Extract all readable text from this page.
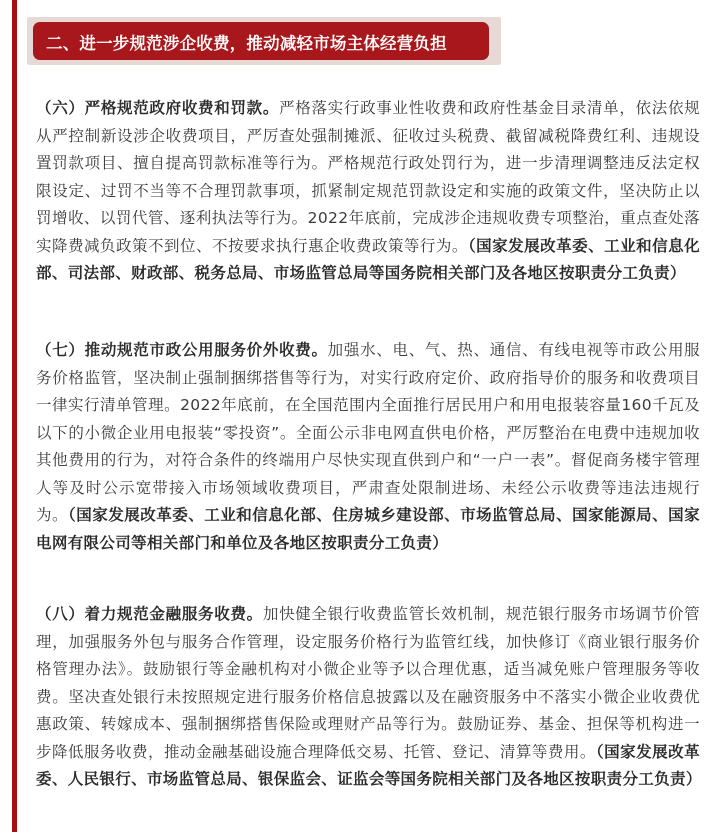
二、进一步规范涉企收费，推动减轻市场主体经营负担

（六）严格规范政府收费和罚款。严格落实行政事业性收费和政府性基金目录清单，依法依规从严控制新设涉企收费项目，严厉查处强制摊派、征收过头税费、截留减税降费红利、违规设置罚款项目、擅自提高罚款标准等行为。严格规范行政处罚行为，进一步清理调整违反法定权限设定、过罚不当等不合理罚款事项，抓紧制定规范罚款设定和实施的政策文件，坚决防止以罚增收、以罚代管、逐利执法等行为。2022年底前，完成涉企违规收费专项整治，重点查处落实降费减负政策不到位、不按要求执行惠企收费政策等行为。（国家发展改革委、工业和信息化部、司法部、财政部、税务总局、市场监管总局等国务院相关部门及各地区按职责分工负责）

（七）推动规范市政公用服务价外收费。加强水、电、气、热、通信、有线电视等市政公用服务价格监管，坚决制止强制捆绑搭售等行为，对实行政府定价、政府指导价的服务和收费项目一律实行清单管理。2022年底前，在全国范围内全面推行居民用户和用电报装容量160千瓦及以下的小微企业用电报装“零投资”。全面公示非电网直供电价格，严厉整治在电费中违规加收其他费用的行为，对符合条件的终端用户尽快实现直供到户和“一户一表”。督促商务楼宇管理人等及时公示宽带接入市场领域收费项目，严肃查处限制进场、未经公示收费等违法违规行为。（国家发展改革委、工业和信息化部、住房城乡建设部、市场监管总局、国家能源局、国家电网有限公司等相关部门和单位及各地区按职责分工负责）

（八）着力规范金融服务收费。加快健全银行收费监管长效机制，规范银行服务市场调节价管理，加强服务外包与服务合作管理，设定服务价格行为监管红线，加快修订《商业银行服务价格管理办法》。鼓励银行等金融机构对小微企业等予以合理优惠，适当减免账户管理服务等收费。坚决查处银行未按照规定进行服务价格信息披露以及在融资服务中不落实小微企业收费优惠政策、转嫁成本、强制捆绑搭售保险或理财产品等行为。鼓励证券、基金、担保等机构进一步降低服务收费，推动金融基础设施合理降低交易、托管、登记、清算等费用。（国家发展改革委、人民银行、市场监管总局、银保监会、证监会等国务院相关部门及各地区按职责分工负责）
